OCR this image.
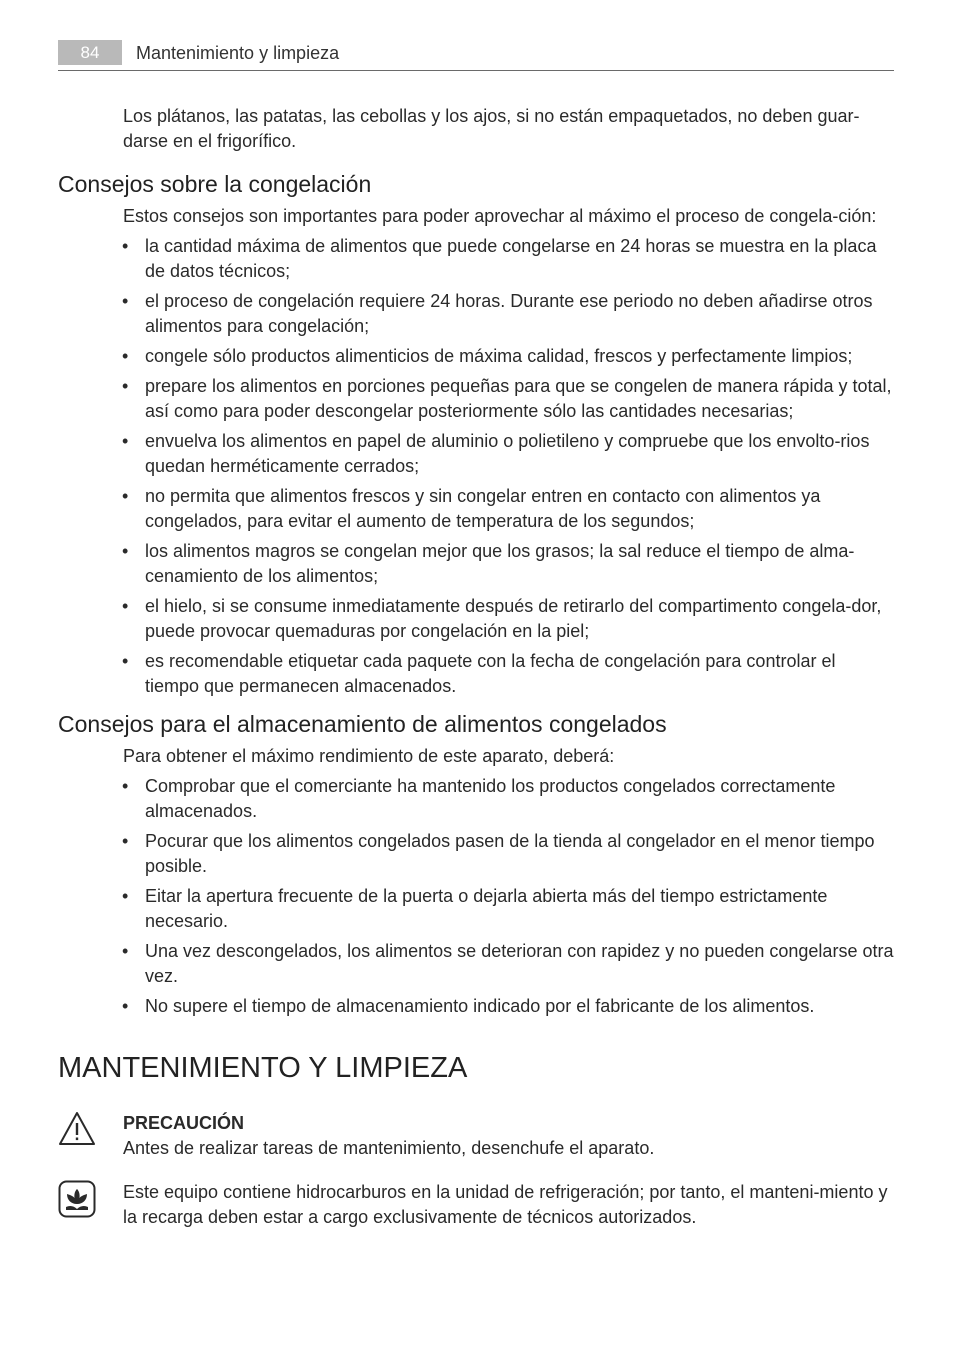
84	Mantenimiento y limpieza

Los plátanos, las patatas, las cebollas y los ajos, si no están empaquetados, no deben guar-darse en el frigorífico.

Consejos sobre la congelación

Estos consejos son importantes para poder aprovechar al máximo el proceso de congela-ción:

• la cantidad máxima de alimentos que puede congelarse en 24 horas se muestra en la placa de datos técnicos;
• el proceso de congelación requiere 24 horas. Durante ese periodo no deben añadirse otros alimentos para congelación;
• congele sólo productos alimenticios de máxima calidad, frescos y perfectamente limpios;
• prepare los alimentos en porciones pequeñas para que se congelen de manera rápida y total, así como para poder descongelar posteriormente sólo las cantidades necesarias;
• envuelva los alimentos en papel de aluminio o polietileno y compruebe que los envolto-rios quedan herméticamente cerrados;
• no permita que alimentos frescos y sin congelar entren en contacto con alimentos ya congelados, para evitar el aumento de temperatura de los segundos;
• los alimentos magros se congelan mejor que los grasos; la sal reduce el tiempo de alma-cenamiento de los alimentos;
• el hielo, si se consume inmediatamente después de retirarlo del compartimento congela-dor, puede provocar quemaduras por congelación en la piel;
• es recomendable etiquetar cada paquete con la fecha de congelación para controlar el tiempo que permanecen almacenados.
Consejos para el almacenamiento de alimentos congelados

Para obtener el máximo rendimiento de este aparato, deberá:

• Comprobar que el comerciante ha mantenido los productos congelados correctamente almacenados.
• Pocurar que los alimentos congelados pasen de la tienda al congelador en el menor tiempo posible.
• Eitar la apertura frecuente de la puerta o dejarla abierta más del tiempo estrictamente necesario.
• Una vez descongelados, los alimentos se deterioran con rapidez y no pueden congelarse otra vez.
• No supere el tiempo de almacenamiento indicado por el fabricante de los alimentos.
MANTENIMIENTO Y LIMPIEZA

PRECAUCIÓN

Antes de realizar tareas de mantenimiento, desenchufe el aparato.

Este equipo contiene hidrocarburos en la unidad de refrigeración; por tanto, el manteni-miento y la recarga deben estar a cargo exclusivamente de técnicos autorizados.
